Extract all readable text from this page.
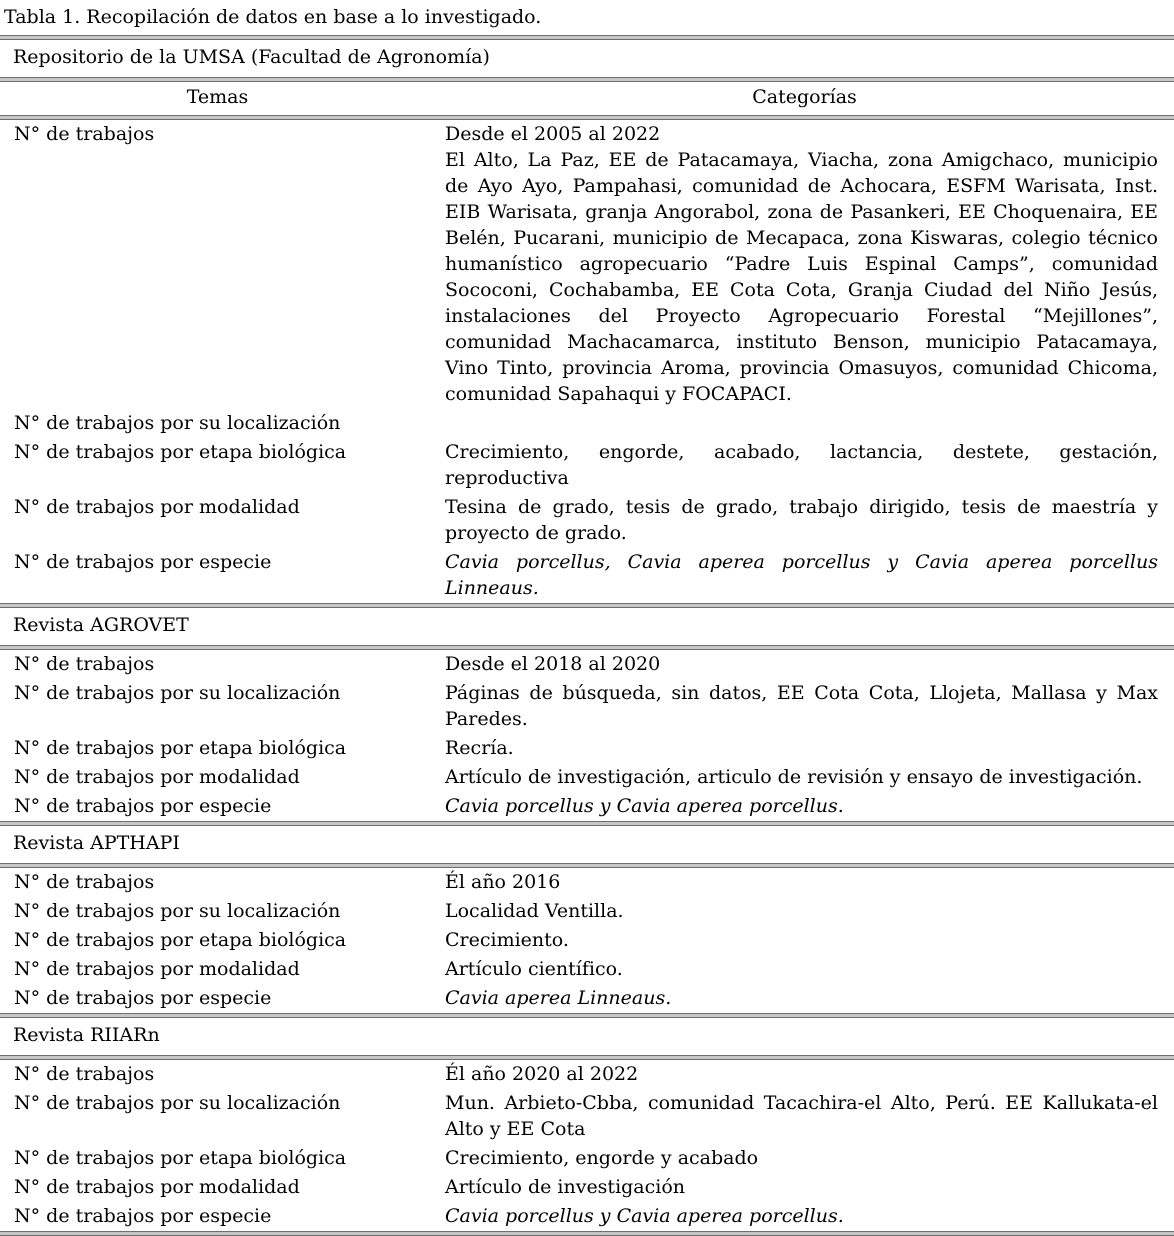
Tabla 1. Recopilación de datos en base a lo investigado.
Repositorio de la UMSA (Facultad de Agronomía)
Temas	Categorías
N° de trabajos	Desde el 2005 al 2022

El Alto, La Paz, EE de Patacamaya, Viacha, zona Amigchaco, municipio de Ayo Ayo, Pampahasi, comunidad de Achocara, ESFM Warisata, Inst. EIB Warisata, granja Angorabol, zona de Pasankeri, EE Choquenaira, EE Belén, Pucarani, municipio de Mecapaca, zona Kiswaras, colegio técnico humanístico agropecuario “Padre Luis Espinal Camps”, comunidad Sococoni, Cochabamba, EE Cota Cota, Granja Ciudad del Niño Jesús, instalaciones del Proyecto Agropecuario Forestal “Mejillones”, comunidad Machacamarca, instituto Benson, municipio Patacamaya, Vino Tinto, provincia Aroma, provincia Omasuyos, comunidad Chicoma, comunidad Sapahaqui y FOCAPACI.

N° de trabajos por su localización
N° de trabajos por etapa biológica	Crecimiento, engorde, acabado, lactancia, destete, gestación, reproductiva

N° de trabajos por modalidad	Tesina de grado, tesis de grado, trabajo dirigido, tesis de maestría y proyecto de grado.

N° de trabajos por especie	Cavia porcellus, Cavia aperea porcellus y Cavia aperea porcellus Linneaus.

Revista AGROVET
N° de trabajos	Desde el 2018 al 2020

N° de trabajos por su localización	Páginas de búsqueda, sin datos, EE Cota Cota, Llojeta, Mallasa y Max Paredes.

N° de trabajos por etapa biológica	Recría.

N° de trabajos por modalidad	Artículo de investigación, articulo de revisión y ensayo de investigación.

N° de trabajos por especie	Cavia porcellus y Cavia aperea porcellus.

Revista APTHAPI
N° de trabajos	Él año 2016

N° de trabajos por su localización	Localidad Ventilla.

N° de trabajos por etapa biológica	Crecimiento.

N° de trabajos por modalidad	Artículo científico.

N° de trabajos por especie	Cavia aperea Linneaus.

Revista RIIARn
N° de trabajos	Él año 2020 al 2022

N° de trabajos por su localización	Mun. Arbieto-Cbba, comunidad Tacachira-el Alto, Perú. EE Kallukata-el Alto y EE Cota

N° de trabajos por etapa biológica	Crecimiento, engorde y acabado

N° de trabajos por modalidad	Artículo de investigación

N° de trabajos por especie	Cavia porcellus y Cavia aperea porcellus.
